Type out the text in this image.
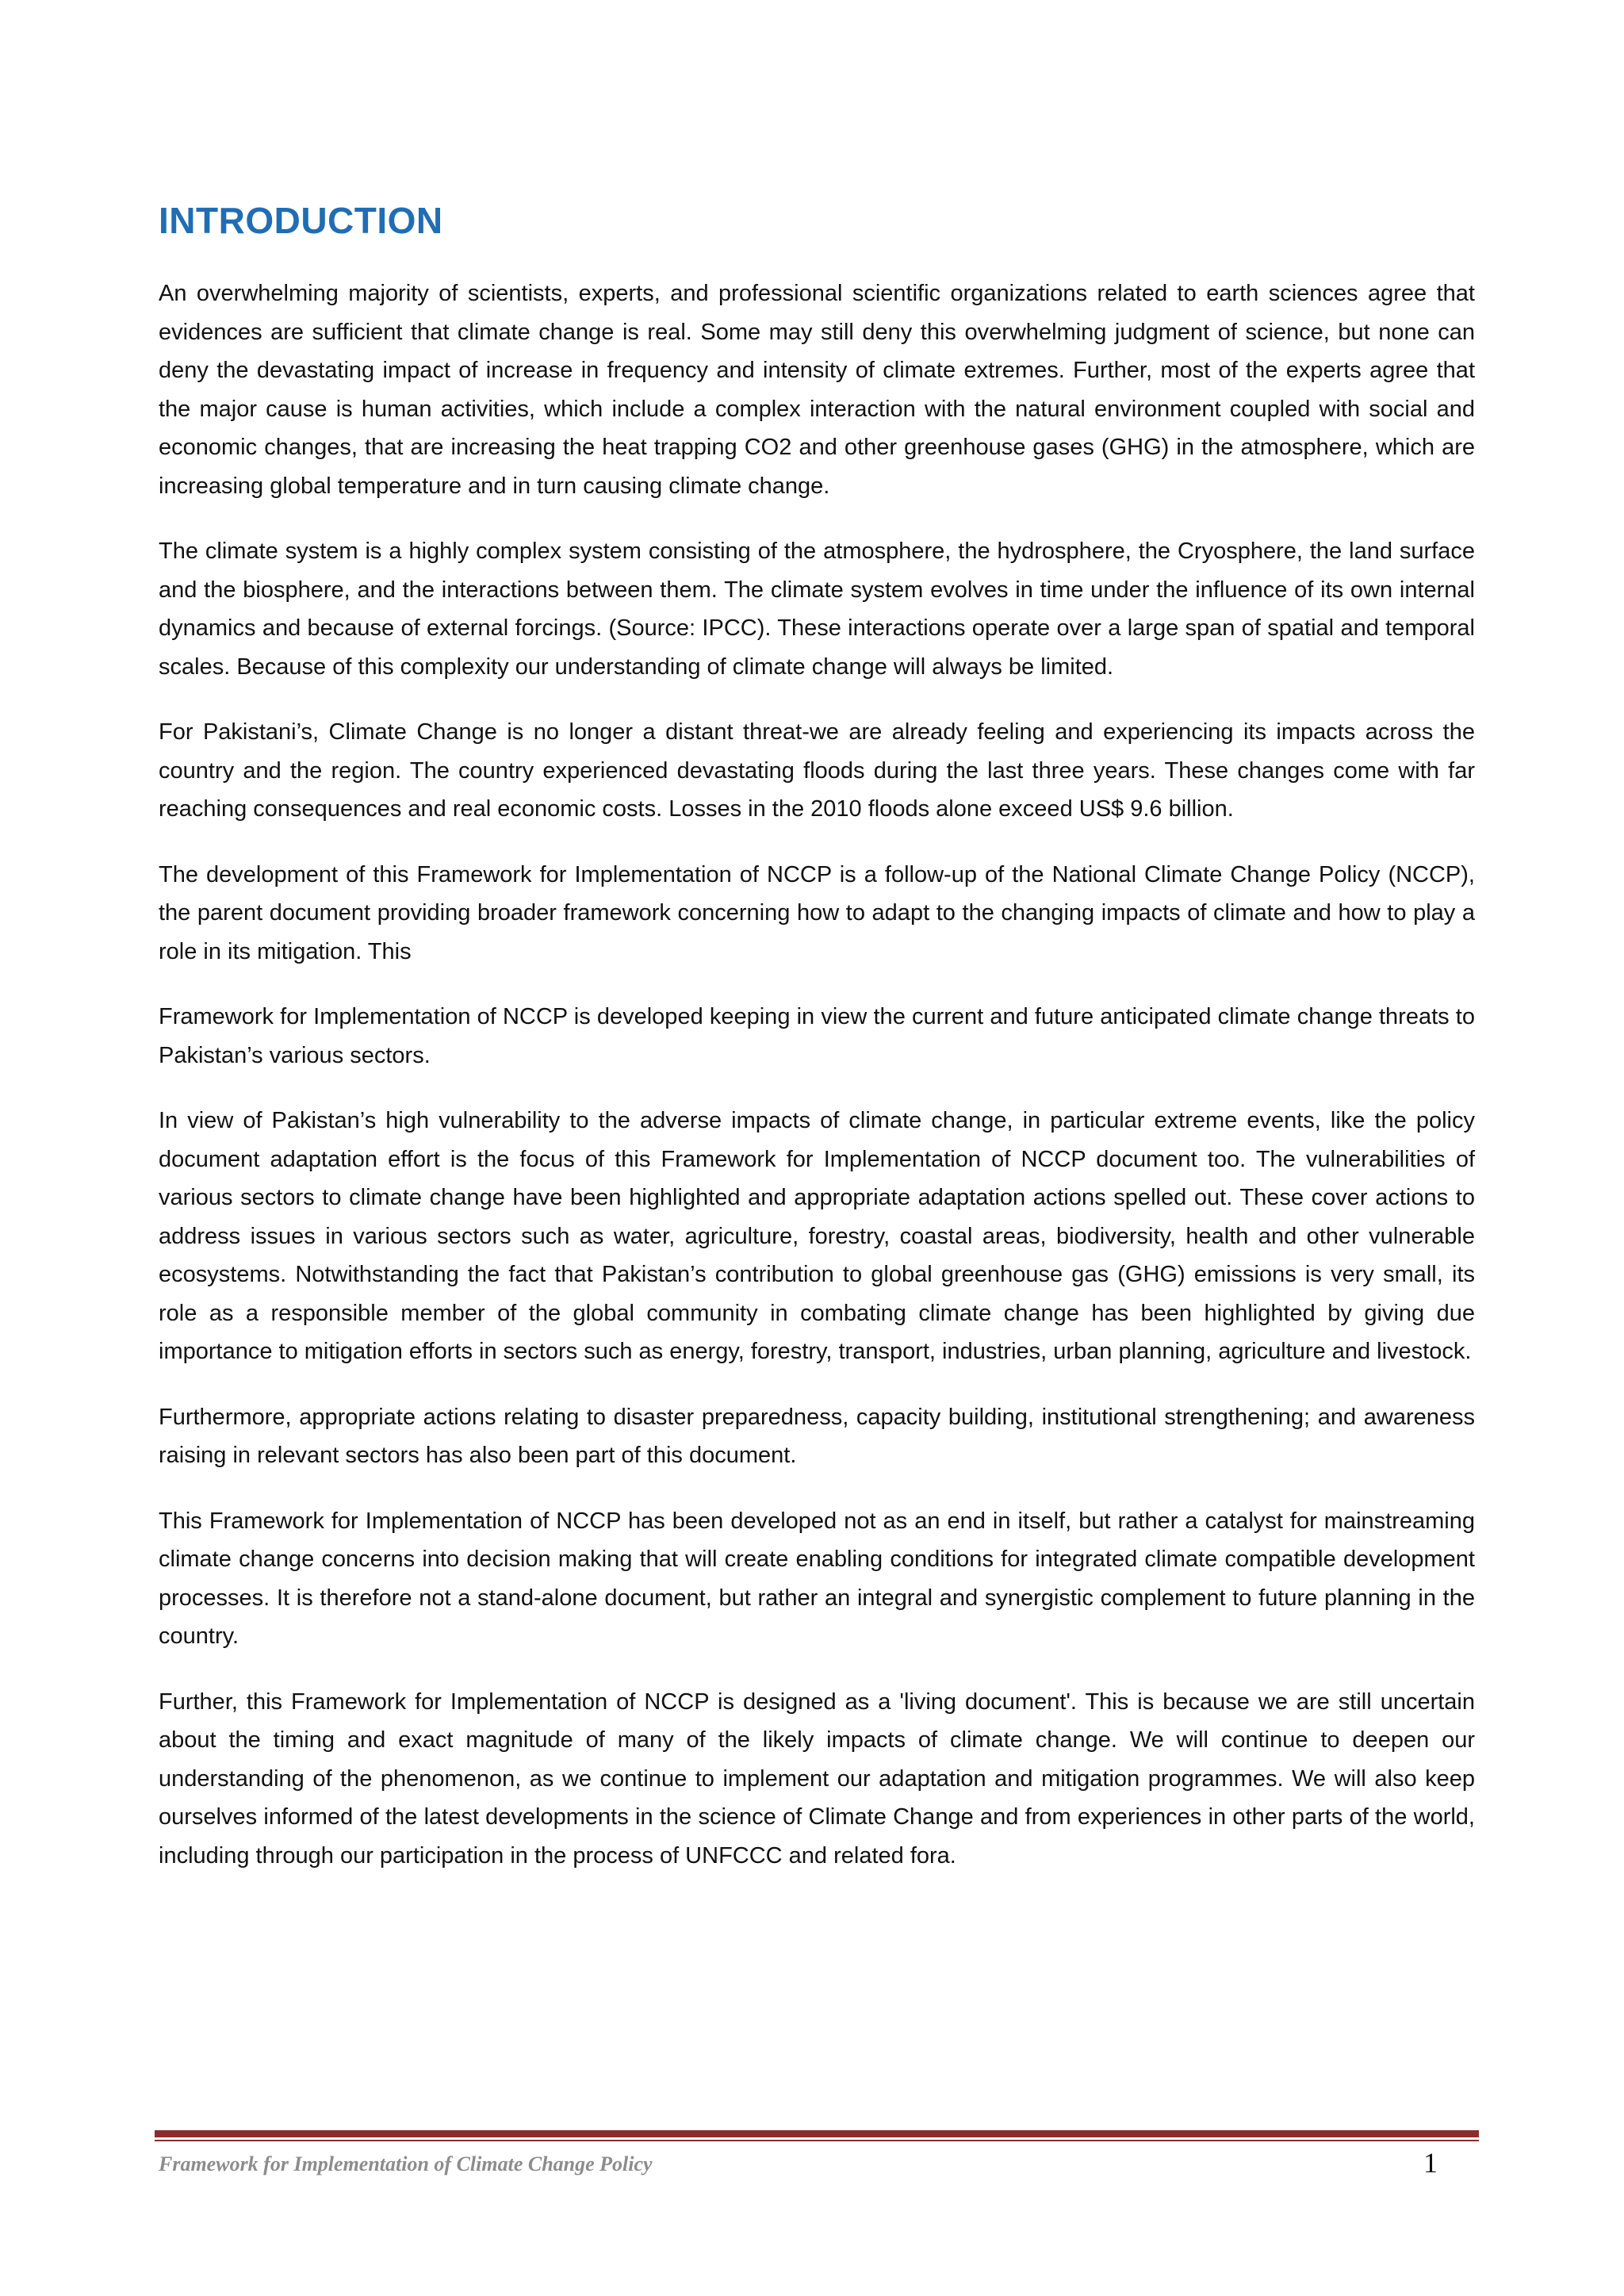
INTRODUCTION

An overwhelming majority of scientists, experts, and professional scientific organizations related to earth sciences agree that evidences are sufficient that climate change is real. Some may still deny this overwhelming judgment of science, but none can deny the devastating impact of increase in frequency and intensity of climate extremes. Further, most of the experts agree that the major cause is human activities, which include a complex interaction with the natural environment coupled with social and economic changes, that are increasing the heat trapping CO2 and other greenhouse gases (GHG) in the atmosphere, which are increasing global temperature and in turn causing climate change.

The climate system is a highly complex system consisting of the atmosphere, the hydrosphere, the Cryosphere, the land surface and the biosphere, and the interactions between them. The climate system evolves in time under the influence of its own internal dynamics and because of external forcings. (Source: IPCC). These interactions operate over a large span of spatial and temporal scales. Because of this complexity our understanding of climate change will always be limited.

For Pakistani’s, Climate Change is no longer a distant threat-we are already feeling and experiencing its impacts across the country and the region. The country experienced devastating floods during the last three years. These changes come with far reaching consequences and real economic costs. Losses in the 2010 floods alone exceed US$ 9.6 billion.

The development of this Framework for Implementation of NCCP is a follow-up of the National Climate Change Policy (NCCP), the parent document providing broader framework concerning how to adapt to the changing impacts of climate and how to play a role in its mitigation. This

Framework for Implementation of NCCP is developed keeping in view the current and future anticipated climate change threats to Pakistan’s various sectors.

In view of Pakistan’s high vulnerability to the adverse impacts of climate change, in particular extreme events, like the policy document adaptation effort is the focus of this Framework for Implementation of NCCP document too. The vulnerabilities of various sectors to climate change have been highlighted and appropriate adaptation actions spelled out. These cover actions to address issues in various sectors such as water, agriculture, forestry, coastal areas, biodiversity, health and other vulnerable ecosystems. Notwithstanding the fact that Pakistan’s contribution to global greenhouse gas (GHG) emissions is very small, its role as a responsible member of the global community in combating climate change has been highlighted by giving due importance to mitigation efforts in sectors such as energy, forestry, transport, industries, urban planning, agriculture and livestock.

Furthermore, appropriate actions relating to disaster preparedness, capacity building, institutional strengthening; and awareness raising in relevant sectors has also been part of this document.

This Framework for Implementation of NCCP has been developed not as an end in itself, but rather a catalyst for mainstreaming climate change concerns into decision making that will create enabling conditions for integrated climate compatible development processes. It is therefore not a stand-alone document, but rather an integral and synergistic complement to future planning in the country.

Further, this Framework for Implementation of NCCP is designed as a 'living document'. This is because we are still uncertain about the timing and exact magnitude of many of the likely impacts of climate change. We will continue to deepen our understanding of the phenomenon, as we continue to implement our adaptation and mitigation programmes. We will also keep ourselves informed of the latest developments in the science of Climate Change and from experiences in other parts of the world, including through our participation in the process of UNFCCC and related fora.

Framework for Implementation of Climate Change Policy	1
